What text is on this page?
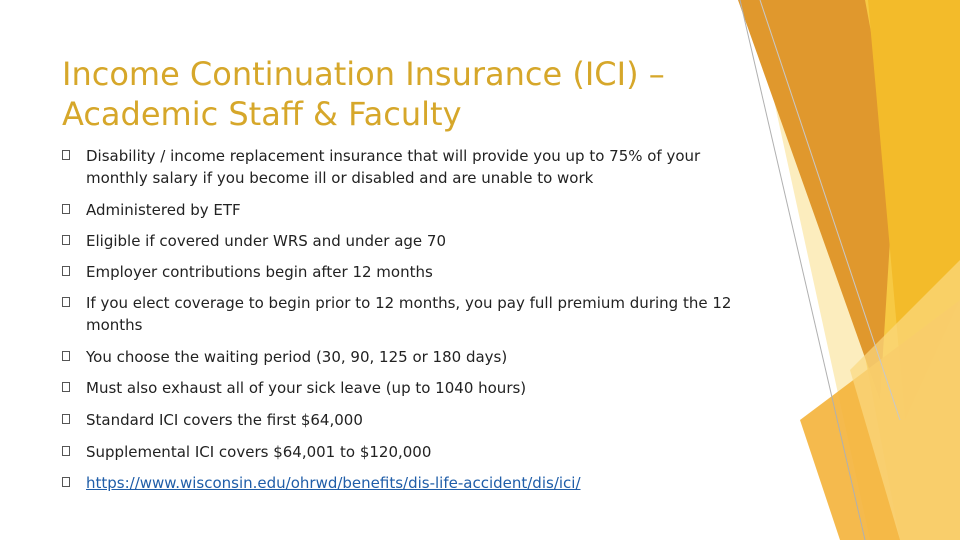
Income Continuation Insurance (ICI) –
Academic Staff & Faculty
Disability / income replacement insurance that will provide you up to 75% of your monthly salary if you become ill or disabled and are unable to work
Administered by ETF
Eligible if covered under WRS and under age 70
Employer contributions begin after 12 months
If you elect coverage to begin prior to 12 months, you pay full premium during the 12 months
You choose the waiting period (30, 90, 125 or 180 days)
Must also exhaust all of your sick leave (up to 1040 hours)
Standard ICI covers the first $64,000
Supplemental ICI covers $64,001 to $120,000
https://www.wisconsin.edu/ohrwd/benefits/dis-life-accident/dis/ici/
